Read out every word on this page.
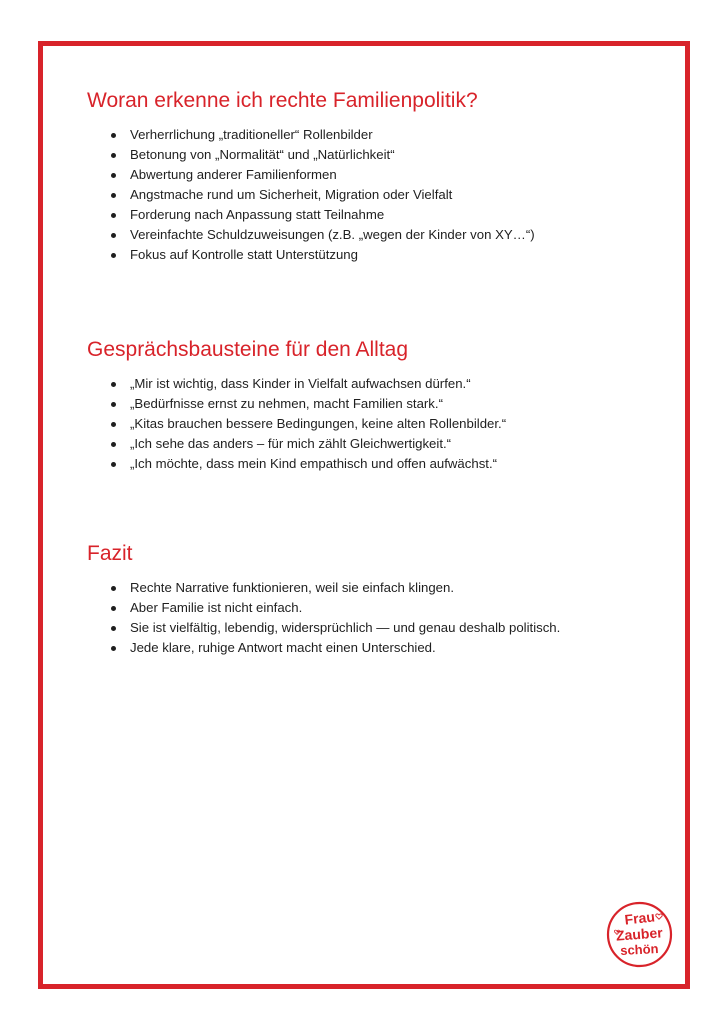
Woran erkenne ich rechte Familienpolitik?
Verherrlichung „traditioneller“ Rollenbilder
Betonung von „Normalität“ und „Natürlichkeit“
Abwertung anderer Familienformen
Angstmache rund um Sicherheit, Migration oder Vielfalt
Forderung nach Anpassung statt Teilnahme
Vereinfachte Schuldzuweisungen (z.B. „wegen der Kinder von XY…“)
Fokus auf Kontrolle statt Unterstützung
Gesprächsbausteine für den Alltag
„Mir ist wichtig, dass Kinder in Vielfalt aufwachsen dürfen.“
„Bedürfnisse ernst zu nehmen, macht Familien stark.“
„Kitas brauchen bessere Bedingungen, keine alten Rollenbilder.“
„Ich sehe das anders – für mich zählt Gleichwertigkeit.“
„Ich möchte, dass mein Kind empathisch und offen aufwächst.“
Fazit
Rechte Narrative funktionieren, weil sie einfach klingen.
Aber Familie ist nicht einfach.
Sie ist vielfältig, lebendig, widersprüchlich — und genau deshalb politisch.
Jede klare, ruhige Antwort macht einen Unterschied.
Frau
Zauber
schön
